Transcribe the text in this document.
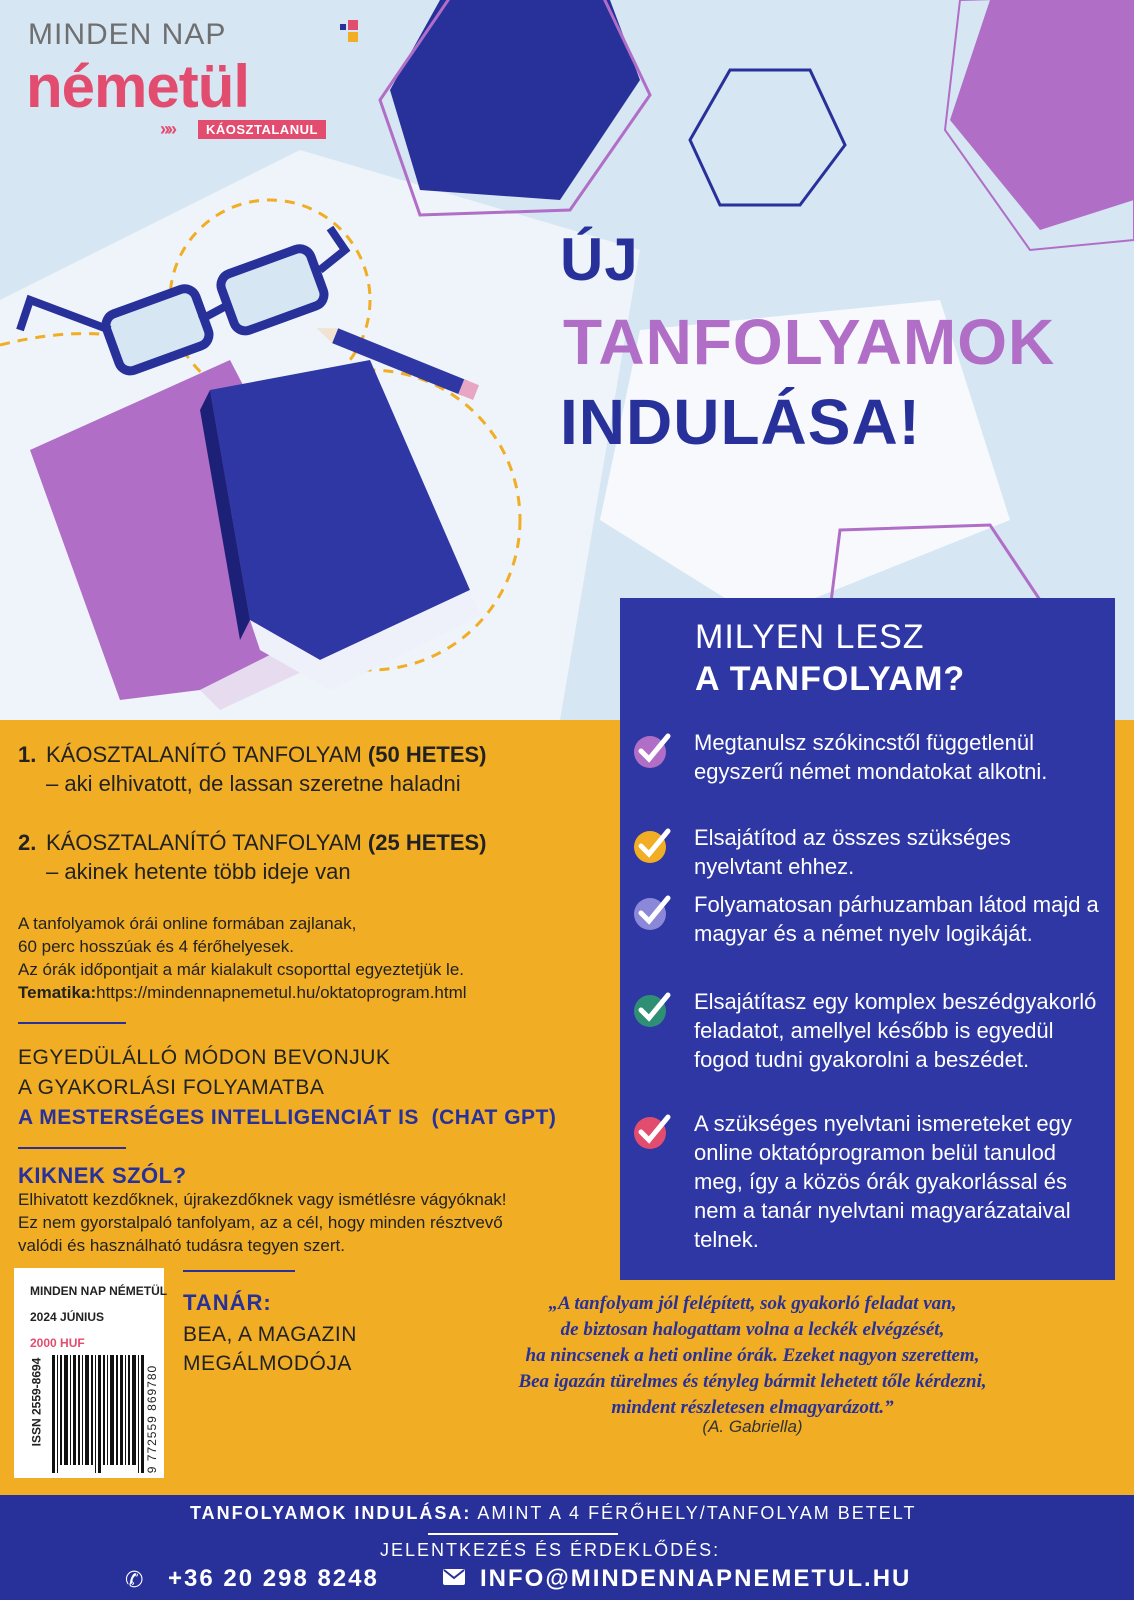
MINDEN NAP
németül
»»	KÁOSZTALANUL
ÚJ
TANFOLYAMOK
INDULÁSA!
MILYEN LESZ
A TANFOLYAM?
Megtanulsz szókincstől függetlenül egyszerű német mondatokat alkotni.
Elsajátítod az összes szükséges nyelvtant ehhez.
Folyamatosan párhuzamban látod majd a magyar és a német nyelv logikáját.
Elsajátítasz egy komplex beszédgyakorló feladatot, amellyel később is egyedül fogod tudni gyakorolni a beszédet.
A szükséges nyelvtani ismereteket egy online oktatóprogramon belül tanulod meg, így a közös órák gyakorlással és nem a tanár nyelvtani magyarázataival telnek.
1. KÁOSZTALANÍTÓ TANFOLYAM (50 HETES)
– aki elhivatott, de lassan szeretne haladni
2. KÁOSZTALANÍTÓ TANFOLYAM (25 HETES)
– akinek hetente több ideje van
A tanfolyamok órái online formában zajlanak,
60 perc hosszúak és 4 férőhelyesek.
Az órák időpontjait a már kialakult csoporttal egyeztetjük le.
Tematika:https://mindennapnemetul.hu/oktatoprogram.html
EGYEDÜLÁLLÓ MÓDON BEVONJUK
A GYAKORLÁSI FOLYAMATBA
A MESTERSÉGES INTELLIGENCIÁT IS (CHAT GPT)
KIKNEK SZÓL?
Elhivatott kezdőknek, újrakezdőknek vagy ismétlésre vágyóknak!
Ez nem gyorstalpaló tanfolyam, az a cél, hogy minden résztvevő
valódi és használható tudásra tegyen szert.
MINDEN NAP NÉMETÜL
2024 JÚNIUS
2000 HUF
ISSN 2559-8694	9 772559 869780
TANÁR:
BEA, A MAGAZIN
MEGÁLMODÓJA
„A tanfolyam jól felépített, sok gyakorló feladat van,
de biztosan halogattam volna a leckék elvégzését,
ha nincsenek a heti online órák. Ezeket nagyon szerettem,
Bea igazán türelmes és tényleg bármit lehetett tőle kérdezni,
mindent részletesen elmagyarázott.”
(A. Gabriella)
TANFOLYAMOK INDULÁSA: AMINT A 4 FÉRŐHELY/TANFOLYAM BETELT
JELENTKEZÉS ÉS ÉRDEKLŐDÉS:
✆ +36 20 298 8248	INFO@MINDENNAPNEMETUL.HU
